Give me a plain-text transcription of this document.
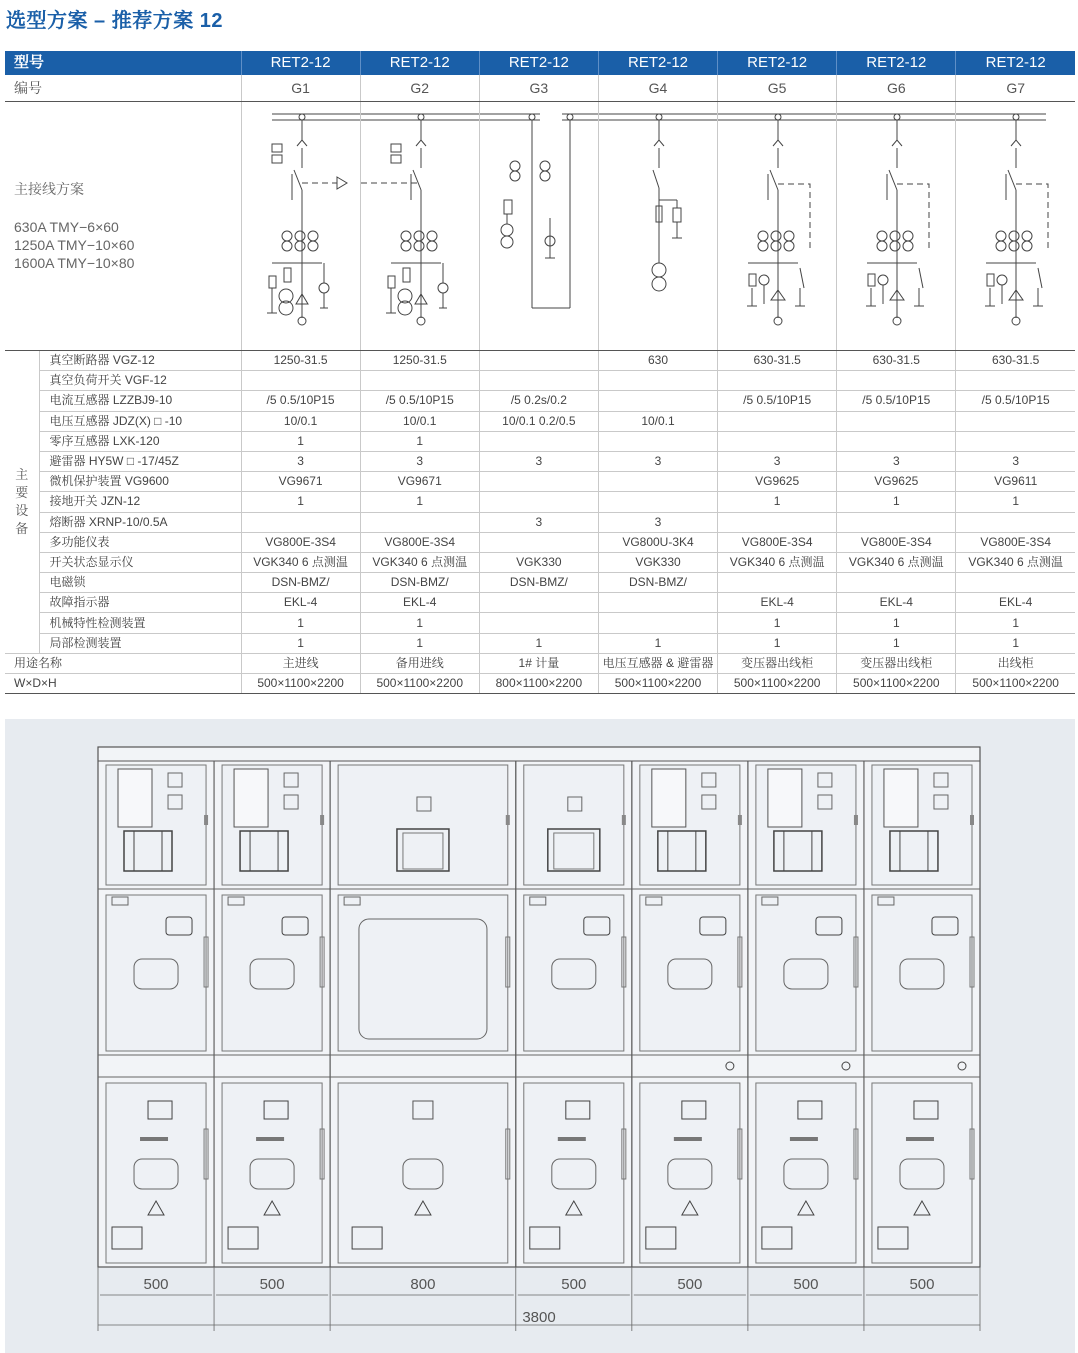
选型方案 – 推荐方案 12
型号		RET2-12	RET2-12	RET2-12	RET2-12	RET2-12	RET2-12	RET2-12
编号		G1	G2	G3	G4	G5	G6	G7

主接线方案
630A TMY−6×60
1250A TMY−10×60
1600A TMY−10×80

主
要
设
备	真空断路器 VGZ-12	1250-31.5	1250-31.5		630	630-31.5	630-31.5	630-31.5
	真空负荷开关 VGF-12							
	电流互感器 LZZBJ9-10	/5 0.5/10P15	/5 0.5/10P15	/5 0.2s/0.2		/5 0.5/10P15	/5 0.5/10P15	/5 0.5/10P15
	电压互感器 JDZ(X) □ -10	10/0.1	10/0.1	10/0.1 0.2/0.5	10/0.1			
	零序互感器 LXK-120	1	1					
	避雷器 HY5W □ -17/45Z	3	3	3	3	3	3	3
	微机保护装置 VG9600	VG9671	VG9671			VG9625	VG9625	VG9611
	接地开关 JZN-12	1	1			1	1	1
	熔断器 XRNP-10/0.5A			3	3			
	多功能仪表	VG800E-3S4	VG800E-3S4		VG800U-3K4	VG800E-3S4	VG800E-3S4	VG800E-3S4
	开关状态显示仪	VGK340 6 点测温	VGK340 6 点测温	VGK330	VGK330	VGK340 6 点测温	VGK340 6 点测温	VGK340 6 点测温
	电磁锁	DSN-BMZ/	DSN-BMZ/	DSN-BMZ/	DSN-BMZ/			
	故障指示器	EKL-4	EKL-4			EKL-4	EKL-4	EKL-4
	机械特性检测装置	1	1			1	1	1
	局部检测装置	1	1	1	1	1	1	1
用途名称		主进线	备用进线	1# 计量	电压互感器 & 避雷器	变压器出线柜	变压器出线柜	出线柜
W×D×H		500×1100×2200	500×1100×2200	800×1100×2200	500×1100×2200	500×1100×2200	500×1100×2200	500×1100×2200
500	500	800	500	500	500	500
3800
